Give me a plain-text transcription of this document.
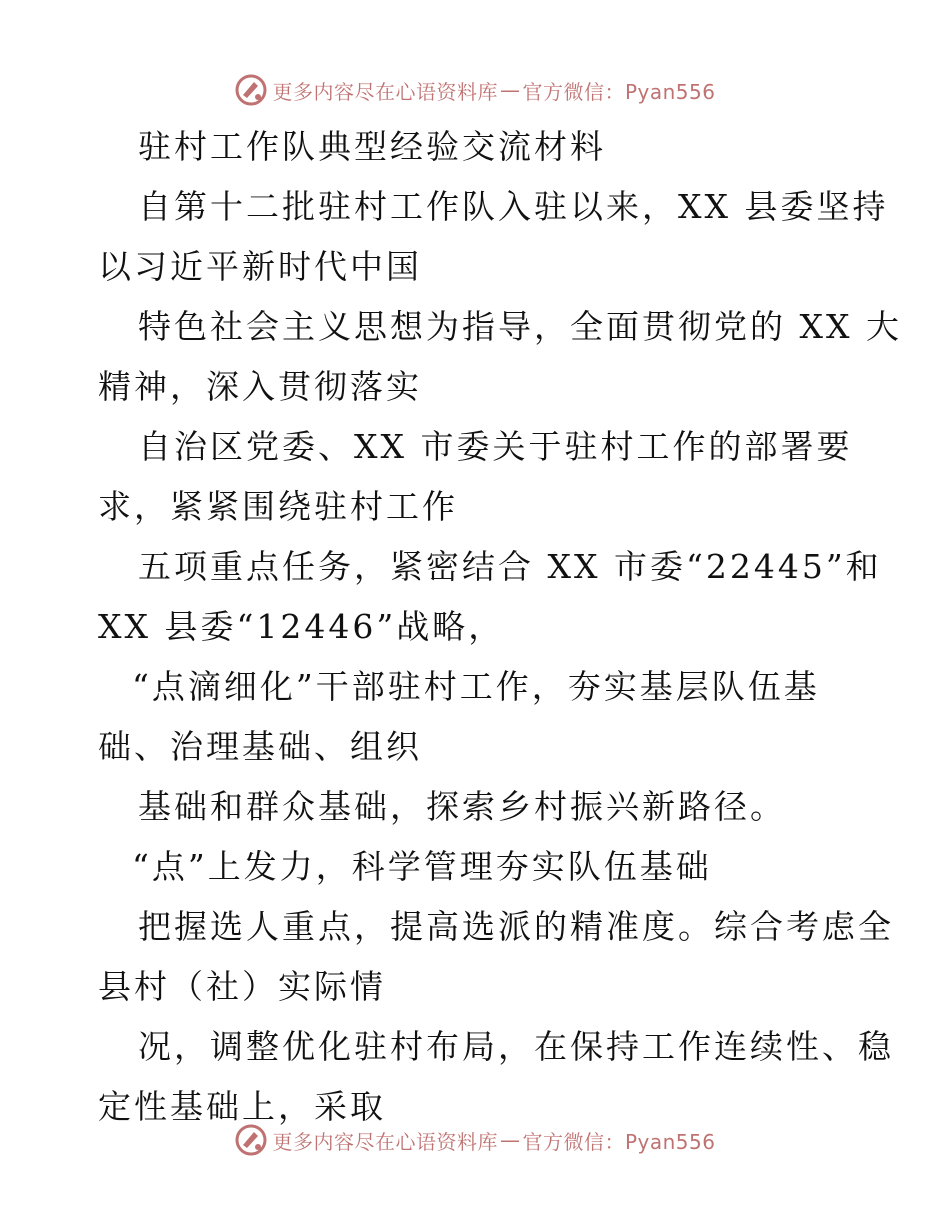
更多内容尽在心语资料库 — 官方微信：Pyan556
驻村工作队典型经验交流材料
自第十二批驻村工作队入驻以来，XX 县委坚持
以习近平新时代中国
特色社会主义思想为指导，全面贯彻党的 XX 大
精神，深入贯彻落实
自治区党委、XX 市委关于驻村工作的部署要
求，紧紧围绕驻村工作
五项重点任务，紧密结合 XX 市委“22445”和
XX 县委“12446”战略，
“点滴细化”干部驻村工作，夯实基层队伍基
础、治理基础、组织
基础和群众基础，探索乡村振兴新路径。
“点”上发力，科学管理夯实队伍基础
把握选人重点，提高选派的精准度。综合考虑全
县村（社）实际情
况，调整优化驻村布局，在保持工作连续性、稳
定性基础上，采取
更多内容尽在心语资料库 — 官方微信：Pyan556
